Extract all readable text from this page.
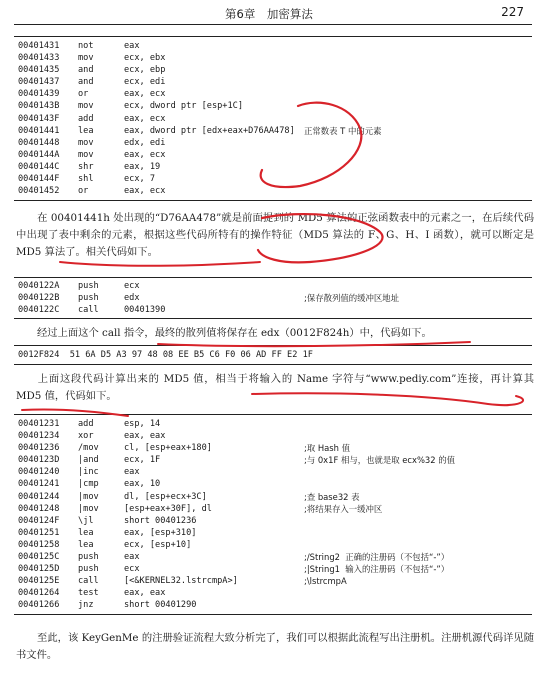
第6章　加密算法	227
00401431	not	eax
00401433	mov	ecx, ebx
00401435	and	ecx, ebp
00401437	and	ecx, edi
00401439	or	eax, ecx
0040143B	mov	ecx, dword ptr [esp+1C]
0040143F	add	eax, ecx
00401441	lea	eax, dword ptr [edx+eax+D76AA478]	正常数表 T 中的元素
00401448	mov	edx, edi
0040144A	mov	eax, ecx
0040144C	shr	eax, 19
0040144F	shl	ecx, 7
00401452	or	eax, ecx
在 00401441h 处出现的“D76AA478”就是前面提到的 MD5 算法的正弦函数表中的元素之一，在后续代码中出现了表中剩余的元素，根据这些代码所特有的操作特征（MD5 算法的 F、G、H、I 函数），就可以断定是 MD5 算法了。相关代码如下。
0040122A	push	ecx
0040122B	push	edx	;保存散列值的缓冲区地址
0040122C	call	00401390
经过上面这个 call 指令，最终的散列值将保存在 edx（0012F824h）中，代码如下。
0012F824  51 6A D5 A3 97 48 08 EE B5 C6 F0 06 AD FF E2 1F
上面这段代码计算出来的 MD5 值，相当于将输入的 Name 字符与“www.pediy.com”连接，再计算其 MD5 值，代码如下。
00401231	add	esp, 14
00401234	xor	eax, eax
00401236	/mov	cl, [esp+eax+180]	;取 Hash 值
0040123D	|and	ecx, 1F	;与 0x1F 相与，也就是取 ecx%32 的值
00401240	|inc	eax
00401241	|cmp	eax, 10
00401244	|mov	dl, [esp+ecx+3C]	;查 base32 表
00401248	|mov	[esp+eax+30F], dl	;将结果存入一缓冲区
0040124F	\jl	short 00401236
00401251	lea	eax, [esp+310]
00401258	lea	ecx, [esp+10]
0040125C	push	eax	;/String2  正确的注册码（不包括“-”）
0040125D	push	ecx	;|String1  输入的注册码（不包括“-”）
0040125E	call	[<&KERNEL32.lstrcmpA>]	;\lstrcmpA
00401264	test	eax, eax
00401266	jnz	short 00401290
至此，该 KeyGenMe 的注册验证流程大致分析完了，我们可以根据此流程写出注册机。注册机源代码详见随书文件。
